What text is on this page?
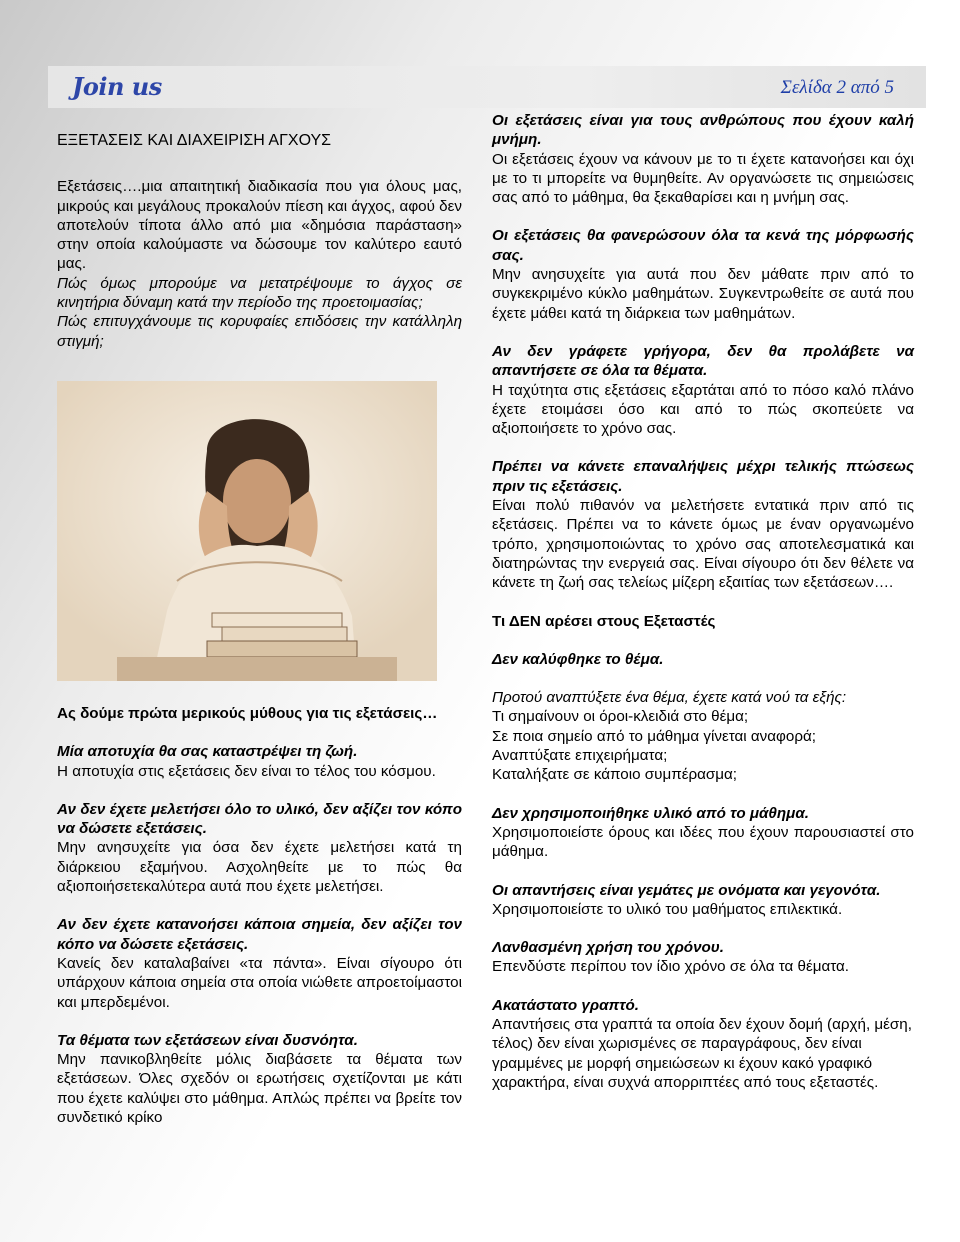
Join us	Σελίδα 2 από 5

ΕΞΕΤΑΣΕΙΣ ΚΑΙ ΔΙΑΧΕΙΡΙΣΗ ΑΓΧΟΥΣ

Εξετάσεις….μια απαιτητική διαδικασία που για όλους μας, μικρούς και μεγάλους προκαλούν πίεση και άγχος, αφού δεν αποτελούν τίποτα άλλο από μια «δημόσια παράσταση» στην οποία καλούμαστε να δώσουμε τον καλύτερο εαυτό μας.

Πώς όμως μπορούμε να μετατρέψουμε το άγχος σε κινητήρια δύναμη κατά την περίοδο της προετοιμασίας;

Πώς επιτυγχάνουμε τις κορυφαίες επιδόσεις την κατάλληλη στιγμή;

Ας δούμε πρώτα μερικούς μύθους για τις εξετάσεις…

Μία αποτυχία θα σας καταστρέψει τη ζωή.

Η αποτυχία στις εξετάσεις δεν είναι το τέλος του κόσμου.

Αν δεν έχετε μελετήσει όλο το υλικό, δεν αξίζει τον κόπο να δώσετε εξετάσεις.

Μην ανησυχείτε για όσα δεν έχετε μελετήσει κατά τη διάρκειου εξαμήνου. Ασχοληθείτε με το πώς θα αξιοποιήσετεκαλύτερα αυτά που έχετε μελετήσει.

Αν δεν έχετε κατανοήσει κάποια σημεία, δεν αξίζει τον κόπο να δώσετε εξετάσεις.

Κανείς δεν καταλαβαίνει «τα πάντα». Είναι σίγουρο ότι υπάρχουν κάποια σημεία στα οποία νιώθετε απροετοίμαστοι και μπερδεμένοι.

Τα θέματα των εξετάσεων είναι δυσνόητα.

Μην πανικοβληθείτε μόλις διαβάσετε τα θέματα των εξετάσεων. Όλες σχεδόν οι ερωτήσεις σχετίζονται με κάτι που έχετε καλύψει στο μάθημα. Απλώς πρέπει να βρείτε τον συνδετικό κρίκο

Οι εξετάσεις είναι για τους ανθρώπους που έχουν καλή μνήμη.

Οι εξετάσεις έχουν να κάνουν με το τι έχετε κατανοήσει και όχι με το τι μπορείτε να θυμηθείτε. Αν οργανώσετε τις σημειώσεις σας από το μάθημα, θα ξεκαθαρίσει και η μνήμη σας.

Οι εξετάσεις θα φανερώσουν όλα τα κενά της μόρφωσής σας.

Μην ανησυχείτε για αυτά που δεν μάθατε πριν από το συγκεκριμένο κύκλο μαθημάτων. Συγκεντρωθείτε σε αυτά που έχετε μάθει κατά τη διάρκεια των μαθημάτων.

Αν δεν γράφετε γρήγορα, δεν θα προλάβετε να απαντήσετε σε όλα τα θέματα.

Η ταχύτητα στις εξετάσεις εξαρτάται από το πόσο καλό πλάνο έχετε ετοιμάσει όσο και από το πώς σκοπεύετε να αξιοποιήσετε το χρόνο σας.

Πρέπει να κάνετε επαναλήψεις μέχρι τελικής πτώσεως πριν τις εξετάσεις.

Είναι πολύ πιθανόν να μελετήσετε εντατικά πριν από τις εξετάσεις. Πρέπει να το κάνετε όμως με έναν οργανωμένο τρόπο, χρησιμοποιώντας το χρόνο σας αποτελεσματικά και διατηρώντας την ενεργειά σας. Είναι σίγουρο ότι δεν θέλετε να κάνετε τη ζωή σας τελείως μίζερη εξαιτίας των εξετάσεων….

Τι ΔΕΝ αρέσει στους Εξεταστές

Δεν καλύφθηκε το θέμα.

Προτού αναπτύξετε ένα θέμα, έχετε κατά νού τα εξής:

Τι σημαίνουν οι όροι-κλειδιά στο θέμα;

Σε ποια σημείο από το μάθημα γίνεται αναφορά;

Αναπτύξατε επιχειρήματα;

Καταλήξατε σε κάποιο συμπέρασμα;

Δεν χρησιμοποιήθηκε υλικό από το μάθημα.

Χρησιμοποιείστε όρους και ιδέες που έχουν παρουσιαστεί στο μάθημα.

Οι απαντήσεις είναι γεμάτες με ονόματα και γεγονότα.

Χρησιμοποιείστε το υλικό του μαθήματος επιλεκτικά.

Λανθασμένη χρήση του χρόνου.

Επενδύστε περίπου τον ίδιο χρόνο σε όλα τα θέματα.

Ακατάστατο γραπτό.

Απαντήσεις στα γραπτά τα οποία δεν έχουν δομή (αρχή, μέση, τέλος) δεν είναι χωρισμένες σε παραγράφους, δεν είναι γραμμένες με μορφή σημειώσεων κι έχουν κακό γραφικό χαρακτήρα, είναι συχνά απορριπτέες από τους εξεταστές.
